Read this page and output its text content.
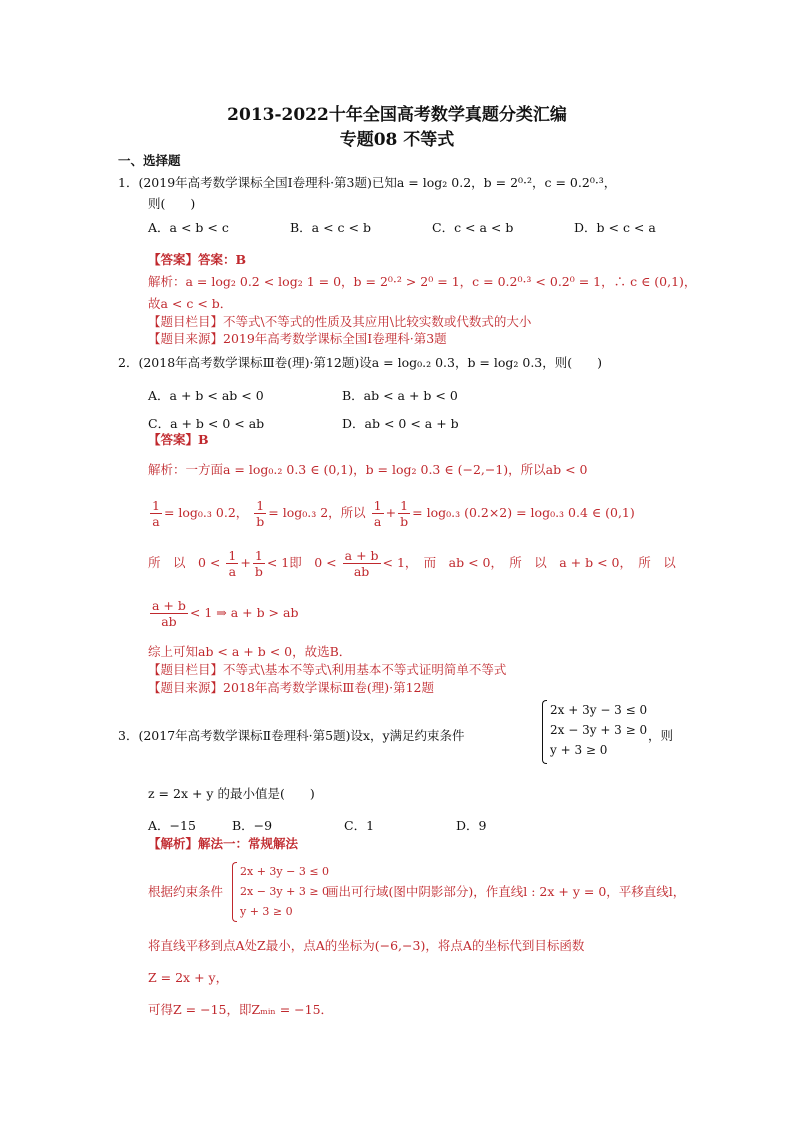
2013-2022十年全国高考数学真题分类汇编
专题08 不等式
一、选择题
1．(2019年高考数学课标全国Ⅰ卷理科·第3题)已知a = log₂ 0.2，b = 2⁰·²，c = 0.2⁰·³，
则(　　)
A．a < b < c	B．a < c < b	C．c < a < b	D．b < c < a
【答案】答案：B
解析：a = log₂ 0.2 < log₂ 1 = 0，b = 2⁰·² > 2⁰ = 1，c = 0.2⁰·³ < 0.2⁰ = 1，∴ c ∈ (0,1)，
故a < c < b．
【题目栏目】不等式\不等式的性质及其应用\比较实数或代数式的大小
【题目来源】2019年高考数学课标全国Ⅰ卷理科·第3题
2．(2018年高考数学课标Ⅲ卷(理)·第12题)设a = log₀.₂ 0.3，b = log₂ 0.3，则(　　)
A．a + b < ab < 0	B．ab < a + b < 0
C．a + b < 0 < ab	D．ab < 0 < a + b
【答案】B
解析：一方面a = log₀.₂ 0.3 ∈ (0,1)，b = log₂ 0.3 ∈ (−2,−1)，所以ab < 0
$\frac{1}{a} = \log_0._3$ 0.2， $\frac{1}{b} = \log_0._3$ 2，所以 $\frac{1}{a} + \frac{1}{b} = \log_0._3$ (0.2×2) = log₀.₃ 0.4 ∈ (0,1)
所　以　$0 < \frac{1}{a} + \frac{1}{b} < 1$即　$0 < \frac{a + b}{ab} < 1$，　而　ab < 0，　所　以　a + b < 0，　所　以
$\frac{a + b}{ab} < 1$ ⇒ a + b > ab
综上可知ab < a + b < 0，故选B．
【题目栏目】不等式\基本不等式\利用基本不等式证明简单不等式
【题目来源】2018年高考数学课标Ⅲ卷(理)·第12题
3．(2017年高考数学课标Ⅱ卷理科·第5题)设x，y满足约束条件
2x + 3y − 3 ≤ 0
2x − 3y + 3 ≥ 0
y + 3 ≥ 0
，则
z = 2x + y 的最小值是(　　)
A．−15	B．−9	C．1	D．9
【解析】解法一：常规解法
根据约束条件
2x + 3y − 3 ≤ 0
2x − 3y + 3 ≥ 0
y + 3 ≥ 0
画出可行域(图中阴影部分)，作直线l : 2x + y = 0，平移直线l，
将直线平移到点A处Z最小，点A的坐标为(−6,−3)，将点A的坐标代到目标函数
Z = 2x + y，
可得Z = −15，即Zₘᵢₙ = −15．
